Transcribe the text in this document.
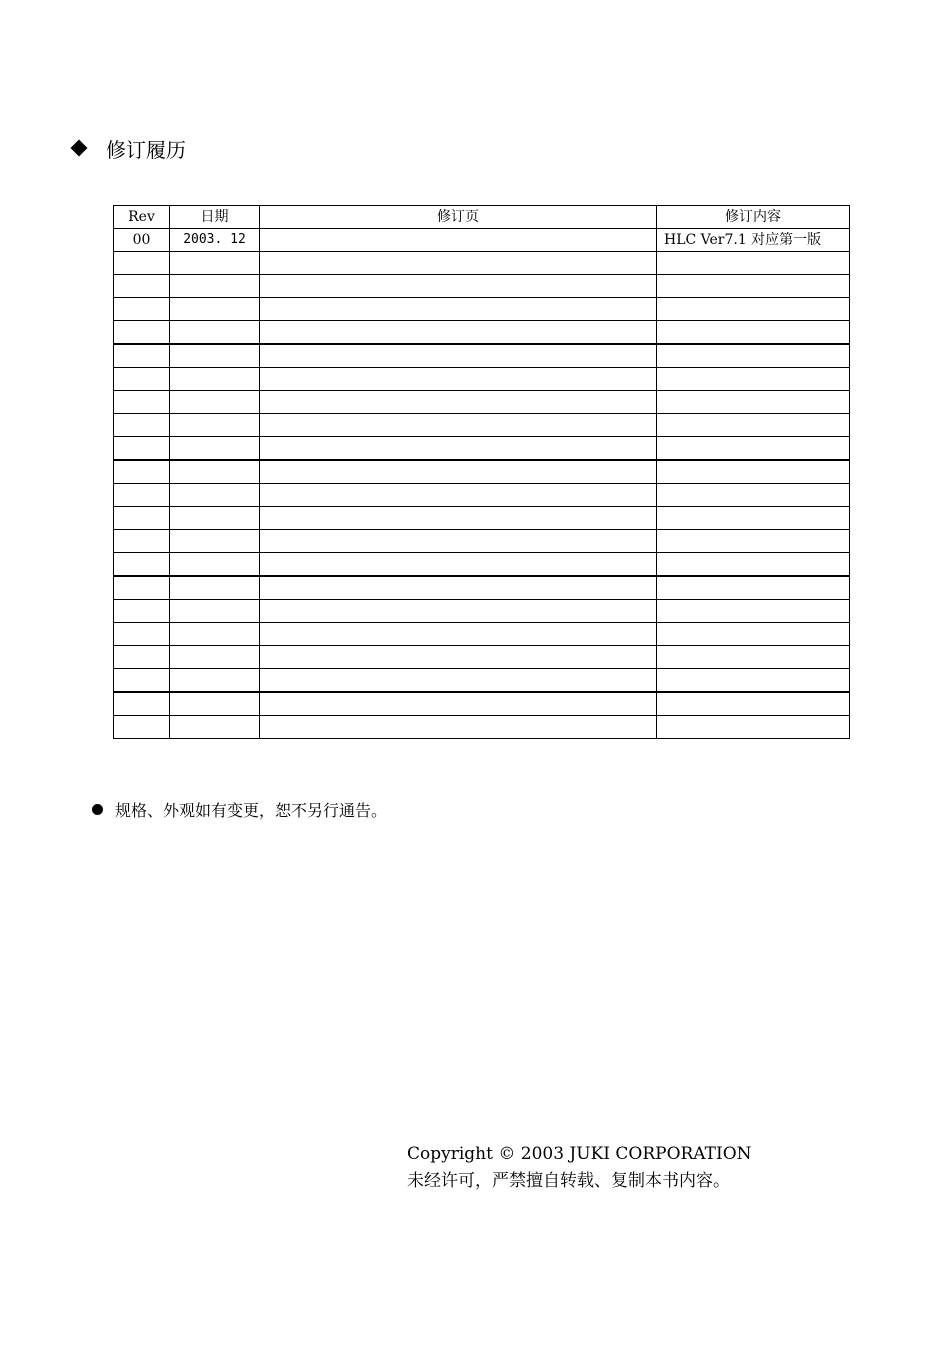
修订履历
Rev	日期	修订页	修订内容
00	2003. 12		HLC Ver7.1 对应第一版

规格、外观如有变更，恕不另行通告。
Copyright © 2003 JUKI CORPORATION
未经许可，严禁擅自转载、复制本书内容。
